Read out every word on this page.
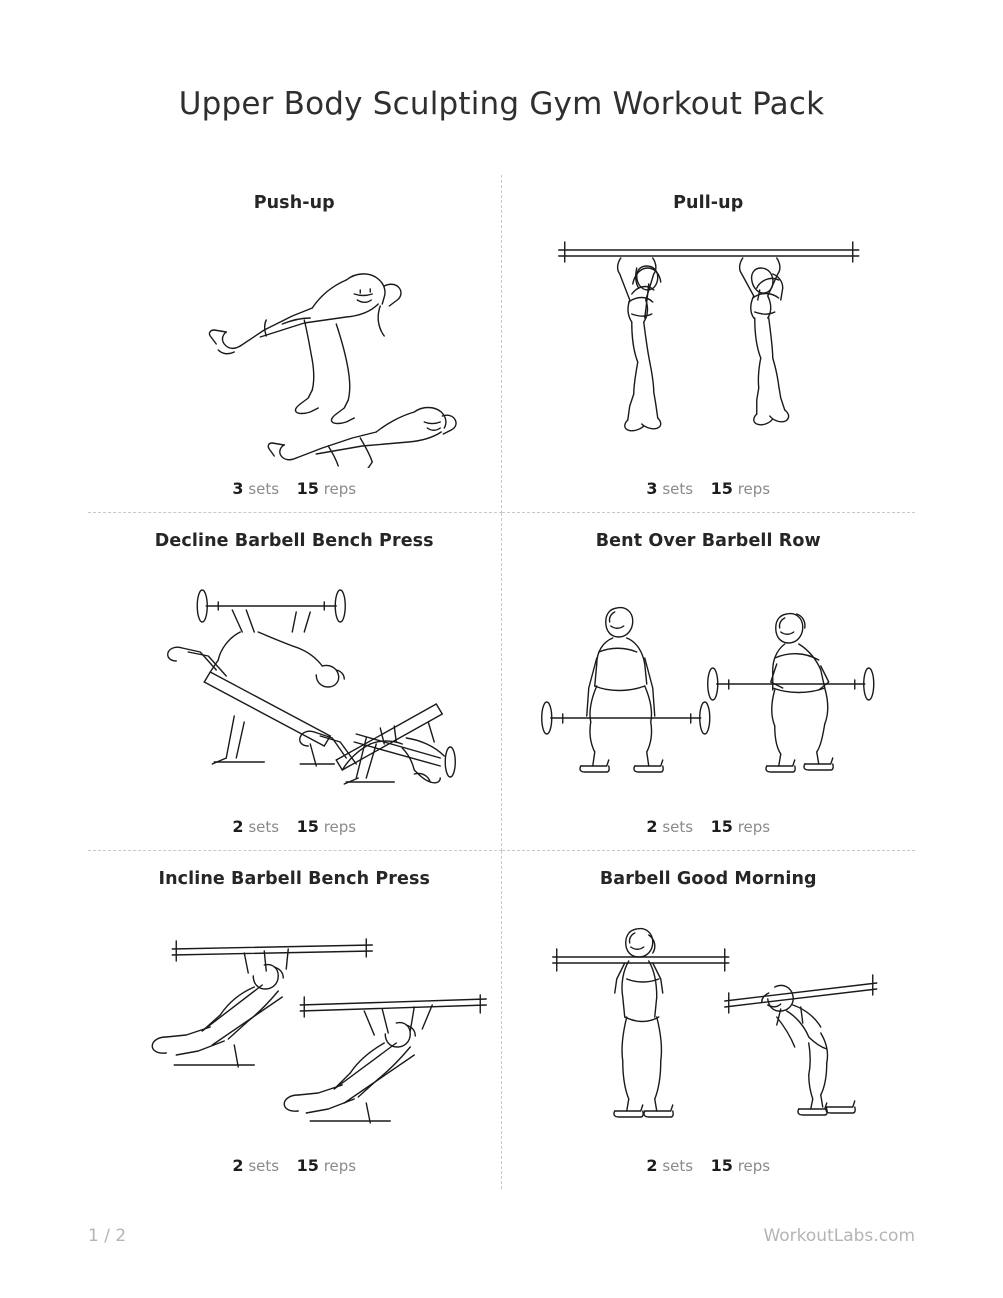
Upper Body Sculpting Gym Workout Pack
Push-up
3 sets 15 reps
Pull-up
3 sets 15 reps
Decline Barbell Bench Press
2 sets 15 reps
Bent Over Barbell Row
2 sets 15 reps
Incline Barbell Bench Press
2 sets 15 reps
Barbell Good Morning
2 sets 15 reps
1 / 2	WorkoutLabs.com
